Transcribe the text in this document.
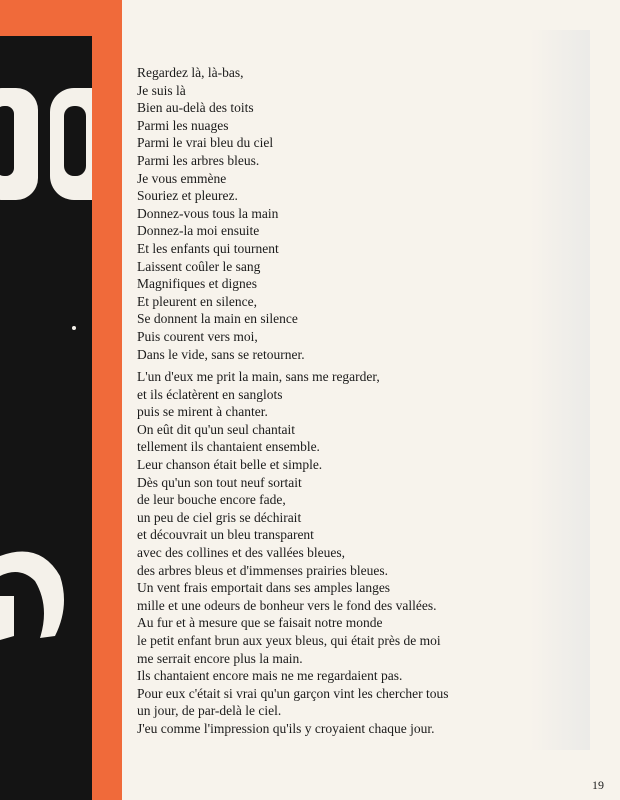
Regardez là, là-bas,
Je suis là
Bien au-delà des toits
Parmi les nuages
Parmi le vrai bleu du ciel
Parmi les arbres bleus.
Je vous emmène
Souriez et pleurez.
Donnez-vous tous la main
Donnez-la moi ensuite
Et les enfants qui tournent
Laissent coûler le sang
Magnifiques et dignes
Et pleurent en silence,
Se donnent la main en silence
Puis courent vers moi,
Dans le vide, sans se retourner.
L'un d'eux me prit la main, sans me regarder,
et ils éclatèrent en sanglots
puis se mirent à chanter.
On eût dit qu'un seul chantait
tellement ils chantaient ensemble.
Leur chanson était belle et simple.
Dès qu'un son tout neuf sortait
de leur bouche encore fade,
un peu de ciel gris se déchirait
et découvrait un bleu transparent
avec des collines et des vallées bleues,
des arbres bleus et d'immenses prairies bleues.
Un vent frais emportait dans ses amples langes
mille et une odeurs de bonheur vers le fond des vallées.
Au fur et à mesure que se faisait notre monde
le petit enfant brun aux yeux bleus, qui était près de moi
me serrait encore plus la main.
Ils chantaient encore mais ne me regardaient pas.
Pour eux c'était si vrai qu'un garçon vint les chercher tous
un jour, de par-delà le ciel.
J'eu comme l'impression qu'ils y croyaient chaque jour.
19
